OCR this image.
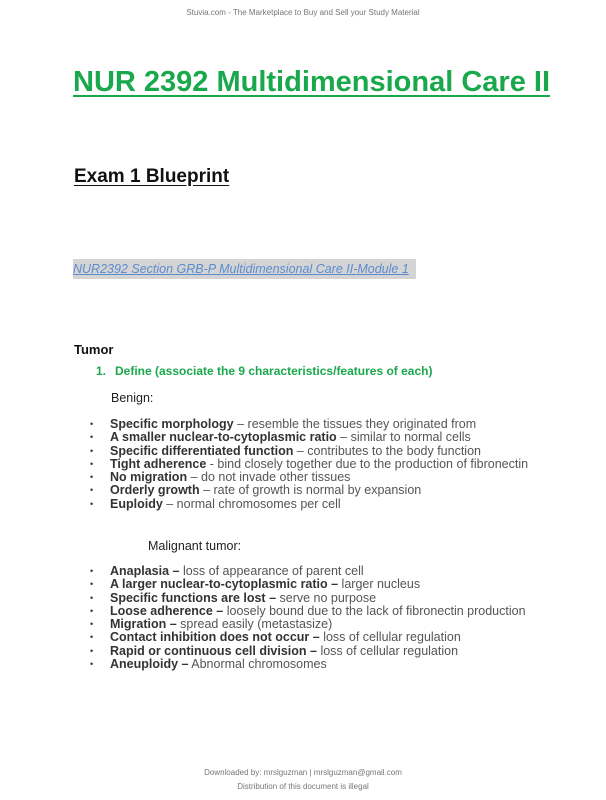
Stuvia.com - The Marketplace to Buy and Sell your Study Material
NUR 2392 Multidimensional Care II
Exam 1 Blueprint
NUR2392 Section GRB-P Multidimensional Care II-Module 1
Tumor
1. Define (associate the 9 characteristics/features of each)
Benign:
• Specific morphology – resemble the tissues they originated from
• A smaller nuclear-to-cytoplasmic ratio – similar to normal cells
• Specific differentiated function – contributes to the body function
• Tight adherence - bind closely together due to the production of fibronectin
• No migration – do not invade other tissues
• Orderly growth – rate of growth is normal by expansion
• Euploidy – normal chromosomes per cell
Malignant tumor:
• Anaplasia – loss of appearance of parent cell
• A larger nuclear-to-cytoplasmic ratio – larger nucleus
• Specific functions are lost – serve no purpose
• Loose adherence – loosely bound due to the lack of fibronectin production
• Migration – spread easily (metastasize)
• Contact inhibition does not occur – loss of cellular regulation
• Rapid or continuous cell division – loss of cellular regulation
• Aneuploidy – Abnormal chromosomes
Downloaded by: mrslguzman | mrslguzman@gmail.com
Distribution of this document is illegal
